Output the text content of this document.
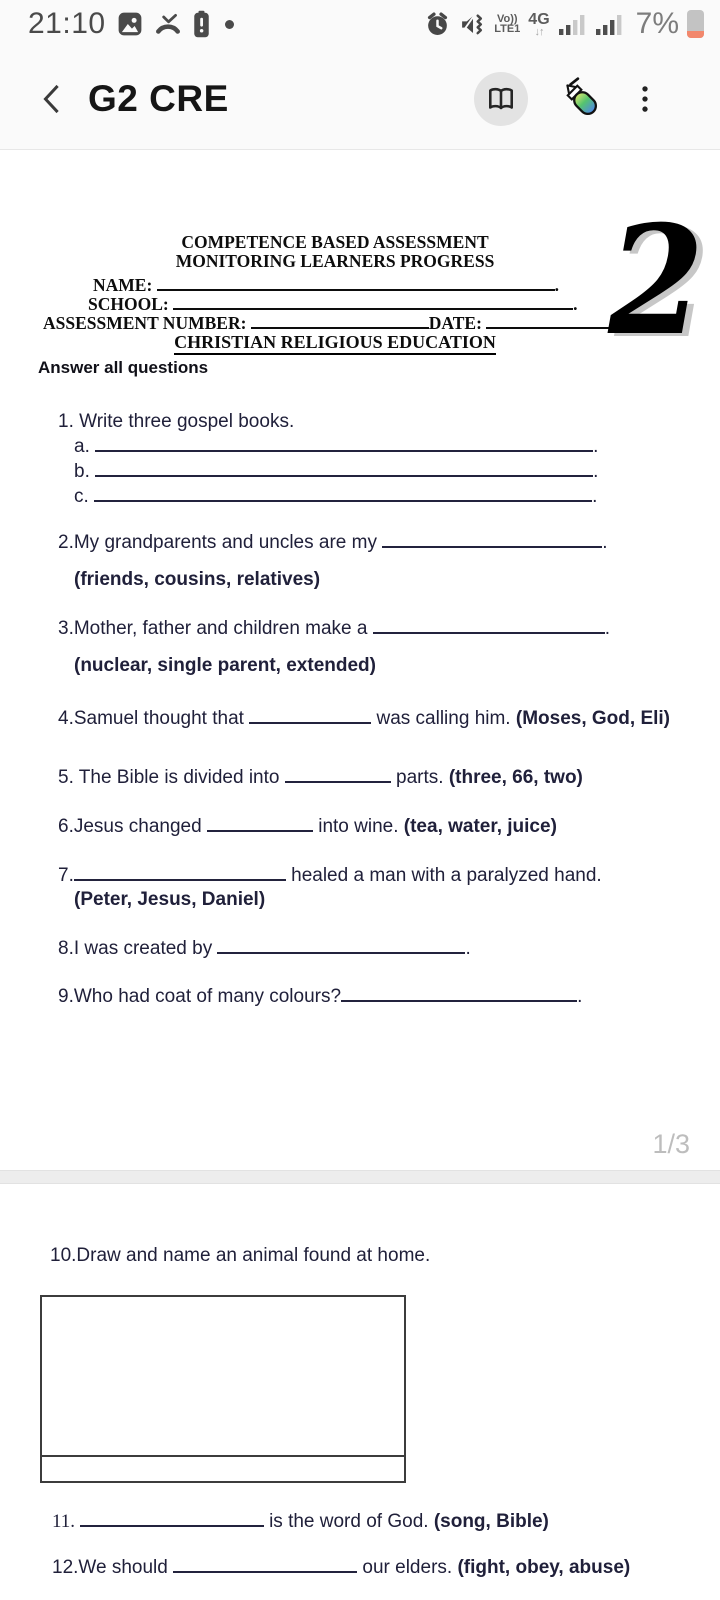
21:10	Vo))
LTE1
4G
↓↑	7%
G2 CRE
2

COMPETENCE BASED ASSESSMENT

MONITORING LEARNERS PROGRESS

NAME:	.

SCHOOL:	.

ASSESSMENT NUMBER:	DATE:

CHRISTIAN RELIGIOUS EDUCATION

Answer all questions

1. Write three gospel books.

a.	.

b.	.

c.	.

2.My grandparents and uncles are my	.

(friends, cousins, relatives)

3.Mother, father and children make a	.

(nuclear, single parent, extended)

4.Samuel thought that	was calling him. (Moses, God, Eli)

5. The Bible is divided into	parts. (three, 66, two)

6.Jesus changed	into wine. (tea, water, juice)

7.	healed a man with a paralyzed hand.

(Peter, Jesus, Daniel)

8.I was created by	.

9.Who had coat of many colours?	.

1/3

10.Draw and name an animal found at home.

11.	is the word of God. (song, Bible)

12.We should	our elders. (fight, obey, abuse)
